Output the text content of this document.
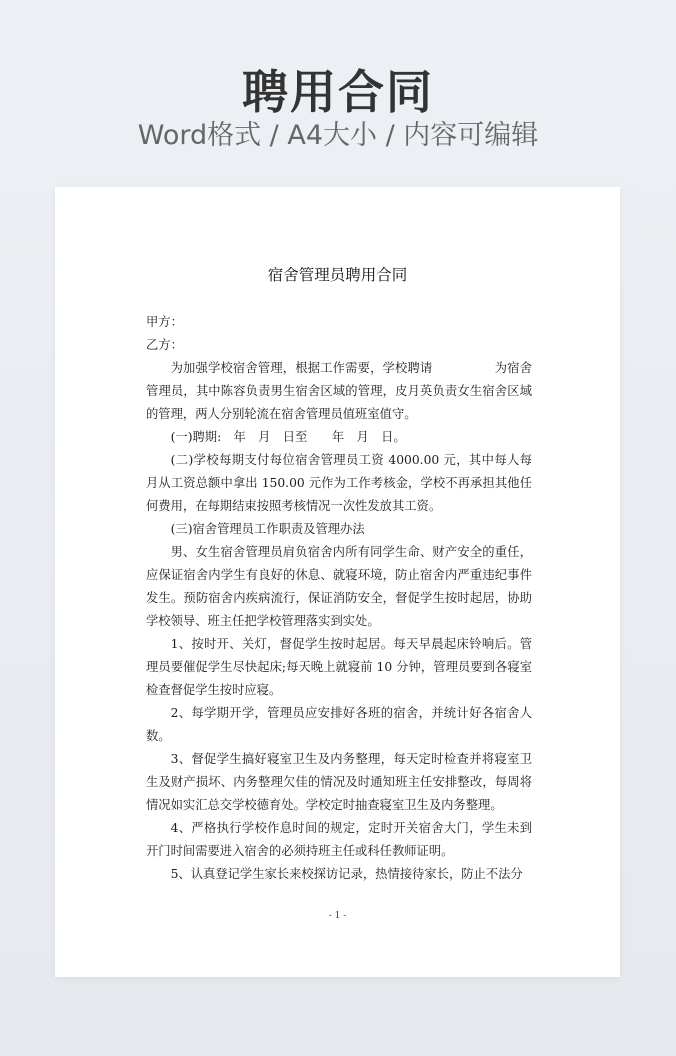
聘用合同
Word格式 / A4大小 / 内容可编辑
宿舍管理员聘用合同

甲方：

乙方：

为加强学校宿舍管理，根据工作需要，学校聘请　　　　　为宿舍管理员，其中陈容负责男生宿舍区域的管理，皮月英负责女生宿舍区域的管理，两人分别轮流在宿舍管理员值班室值守。

(一)聘期:　年　月　日至　　年　月　日。

(二)学校每期支付每位宿舍管理员工资 4000.00 元，其中每人每月从工资总额中拿出 150.00 元作为工作考核金，学校不再承担其他任何费用，在每期结束按照考核情况一次性发放其工资。

(三)宿舍管理员工作职责及管理办法

男、女生宿舍管理员肩负宿舍内所有同学生命、财产安全的重任，应保证宿舍内学生有良好的休息、就寝环境，防止宿舍内严重违纪事件发生。预防宿舍内疾病流行，保证消防安全，督促学生按时起居，协助学校领导、班主任把学校管理落实到实处。

1、按时开、关灯，督促学生按时起居。每天早晨起床铃响后。管理员要催促学生尽快起床;每天晚上就寝前 10 分钟，管理员要到各寝室检查督促学生按时应寝。

2、每学期开学，管理员应安排好各班的宿舍，并统计好各宿舍人数。

3、督促学生搞好寝室卫生及内务整理，每天定时检查并将寝室卫生及财产损坏、内务整理欠佳的情况及时通知班主任安排整改，每周将情况如实汇总交学校德育处。学校定时抽查寝室卫生及内务整理。

4、严格执行学校作息时间的规定，定时开关宿舍大门，学生未到开门时间需要进入宿舍的必须持班主任或科任教师证明。

5、认真登记学生家长来校探访记录，热情接待家长，防止不法分

- 1 -
